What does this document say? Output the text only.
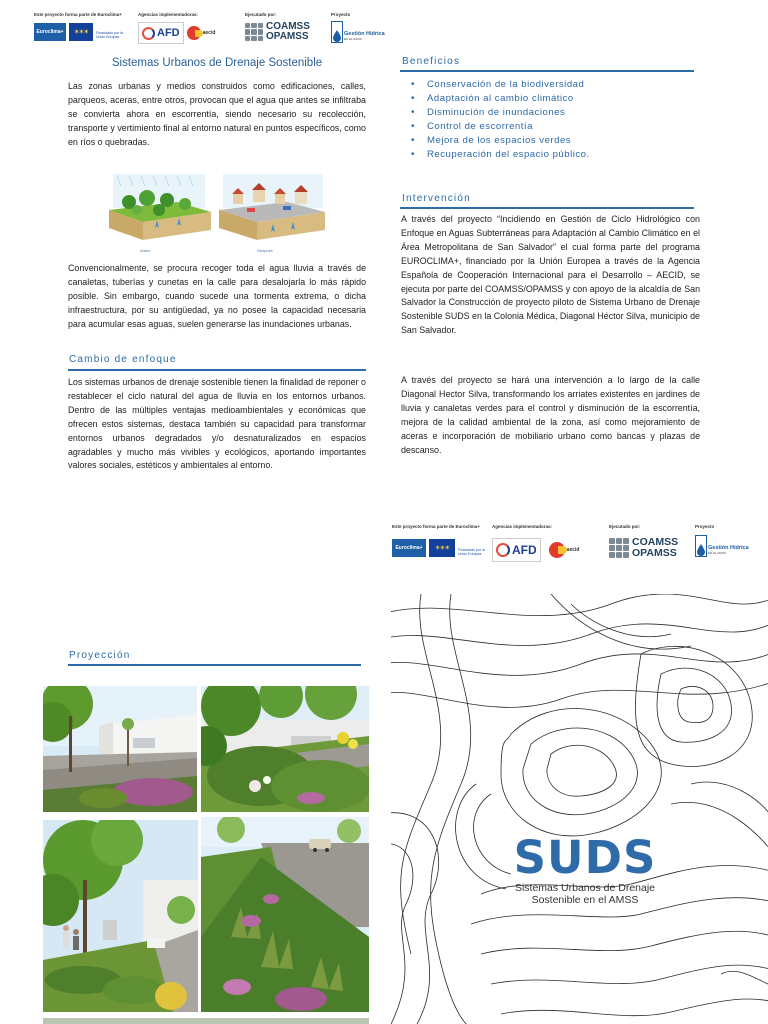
Este proyecto forma parte de Euroclima+
Euroclima+ ✶✶✶ Financiado por la Unión Europea
Agencias implementadoras:
AFD	aecid
Ejecutado por:
COAMSS
OPAMSS
Proyecto
Gestión Hídrica
EN EL AMSS
Sistemas Urbanos de Drenaje Sostenible
Las zonas urbanas y medios construidos como edificaciones, calles, parqueos, aceras, entre otros, provocan que el agua que antes se infiltraba se convierta ahora en escorrentía, siendo necesario su recolección, transporte y vertimiento final al entorno natural en puntos específicos, como en ríos o quebradas.
Antes	Después
Convencionalmente, se procura recoger toda el agua lluvia a través de canaletas, tuberías y cunetas en la calle para desalojarla lo más rápido posible. Sin embargo, cuando sucede una tormenta extrema, o dicha infraestructura, por su antigüedad, ya no posee la capacidad necesaria para acumular esas aguas, suelen generarse las inundaciones urbanas.
Cambio de enfoque
Los sistemas urbanos de drenaje sostenible tienen la finalidad de reponer o restablecer el ciclo natural del agua de lluvia en los entornos urbanos. Dentro de las múltiples ventajas medioambientales y económicas que ofrecen estos sistemas, destaca también su capacidad para transformar entornos urbanos degradados y/o desnaturalizados en espacios agradables y mucho más vivibles y ecológicos, aportando importantes valores sociales, estéticos y ambientales al entorno.
Beneficios
• Conservación de la biodiversidad
• Adaptación al cambio climático
• Disminución de inundaciones
• Control de escorrentía
• Mejora de los espacios verdes
• Recuperación del espacio público.
Intervención
A través del proyecto “Incidiendo en Gestión de Ciclo Hidrológico con Enfoque en Aguas Subterráneas para Adaptación al Cambio Climático en el Área Metropolitana de San Salvador” el cual forma parte del programa EUROCLIMA+, financiado por la Unión Europea a través de la Agencia Española de Cooperación Internacional para el Desarrollo – AECID, se ejecuta por parte del COAMSS/OPAMSS y con apoyo de la alcaldía de San Salvador la Construcción de proyecto piloto de Sistema Urbano de Drenaje Sostenible SUDS en la Colonia Médica, Diagonal Héctor Silva, municipio de San Salvador.
A través del proyecto se hará una intervención a lo largo de la calle Diagonal Hector Silva, transformando los arriates existentes en jardines de lluvia y canaletas verdes para el control y disminución de la escorrentía, mejora de la calidad ambiental de la zona, así como mejoramiento de aceras e incorporación de mobiliario urbano como bancas y plazas de descanso.
Este proyecto forma parte de Euroclima+
Euroclima+ ✶✶✶ Financiado por la Unión Europea
Agencias implementadoras:
AFD	aecid
Ejecutado por:
COAMSS
OPAMSS
Proyecto
Gestión Hídrica
EN EL AMSS
Proyección
SUDS
Sistemas Urbanos de Drenaje
Sostenible en el AMSS
